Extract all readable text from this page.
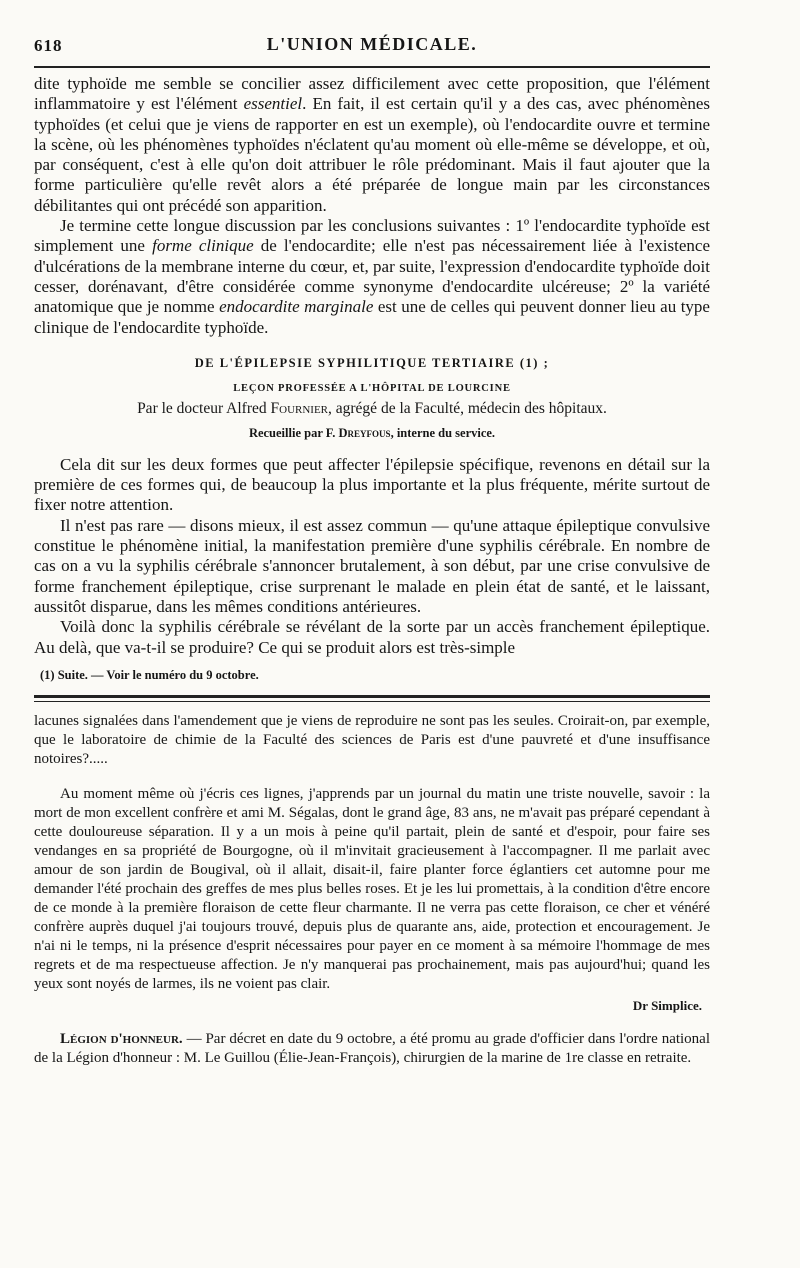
618	L'UNION MÉDICALE.

dite typhoïde me semble se concilier assez difficilement avec cette proposition, que l'élément inflammatoire y est l'élément essentiel. En fait, il est certain qu'il y a des cas, avec phénomènes typhoïdes (et celui que je viens de rapporter en est un exemple), où l'endocardite ouvre et termine la scène, où les phénomènes typhoïdes n'éclatent qu'au moment où elle-même se développe, et où, par conséquent, c'est à elle qu'on doit attribuer le rôle prédominant. Mais il faut ajouter que la forme particulière qu'elle revêt alors a été préparée de longue main par les circonstances débilitantes qui ont précédé son apparition.

Je termine cette longue discussion par les conclusions suivantes : 1º l'endocardite typhoïde est simplement une forme clinique de l'endocardite; elle n'est pas nécessairement liée à l'existence d'ulcérations de la membrane interne du cœur, et, par suite, l'expression d'endocardite typhoïde doit cesser, dorénavant, d'être considérée comme synonyme d'endocardite ulcéreuse; 2º la variété anatomique que je nomme endocardite marginale est une de celles qui peuvent donner lieu au type clinique de l'endocardite typhoïde.

DE L'ÉPILEPSIE SYPHILITIQUE TERTIAIRE (1) ;
LEÇON PROFESSÉE A L'HÔPITAL DE LOURCINE
Par le docteur Alfred Fournier, agrégé de la Faculté, médecin des hôpitaux.
Recueillie par F. Dreyfous, interne du service.

Cela dit sur les deux formes que peut affecter l'épilepsie spécifique, revenons en détail sur la première de ces formes qui, de beaucoup la plus importante et la plus fréquente, mérite surtout de fixer notre attention.

Il n'est pas rare — disons mieux, il est assez commun — qu'une attaque épileptique convulsive constitue le phénomène initial, la manifestation première d'une syphilis cérébrale. En nombre de cas on a vu la syphilis cérébrale s'annoncer brutalement, à son début, par une crise convulsive de forme franchement épileptique, crise surprenant le malade en plein état de santé, et le laissant, aussitôt disparue, dans les mêmes conditions antérieures.

Voilà donc la syphilis cérébrale se révélant de la sorte par un accès franchement épileptique. Au delà, que va-t-il se produire? Ce qui se produit alors est très-simple

(1) Suite. — Voir le numéro du 9 octobre.

lacunes signalées dans l'amendement que je viens de reproduire ne sont pas les seules. Croirait-on, par exemple, que le laboratoire de chimie de la Faculté des sciences de Paris est d'une pauvreté et d'une insuffisance notoires?.....

Au moment même où j'écris ces lignes, j'apprends par un journal du matin une triste nouvelle, savoir : la mort de mon excellent confrère et ami M. Ségalas, dont le grand âge, 83 ans, ne m'avait pas préparé cependant à cette douloureuse séparation. Il y a un mois à peine qu'il partait, plein de santé et d'espoir, pour faire ses vendanges en sa propriété de Bourgogne, où il m'invitait gracieusement à l'accompagner. Il me parlait avec amour de son jardin de Bougival, où il allait, disait-il, faire planter force églantiers cet automne pour me demander l'été prochain des greffes de mes plus belles roses. Et je les lui promettais, à la condition d'être encore de ce monde à la première floraison de cette fleur charmante. Il ne verra pas cette floraison, ce cher et vénéré confrère auprès duquel j'ai toujours trouvé, depuis plus de quarante ans, aide, protection et encouragement. Je n'ai ni le temps, ni la présence d'esprit nécessaires pour payer en ce moment à sa mémoire l'hommage de mes regrets et de ma respectueuse affection. Je n'y manquerai pas prochainement, mais pas aujourd'hui; quand les yeux sont noyés de larmes, ils ne voient pas clair.

Dr Simplice.

Légion d'honneur. — Par décret en date du 9 octobre, a été promu au grade d'officier dans l'ordre national de la Légion d'honneur : M. Le Guillou (Élie-Jean-François), chirurgien de la marine de 1re classe en retraite.
